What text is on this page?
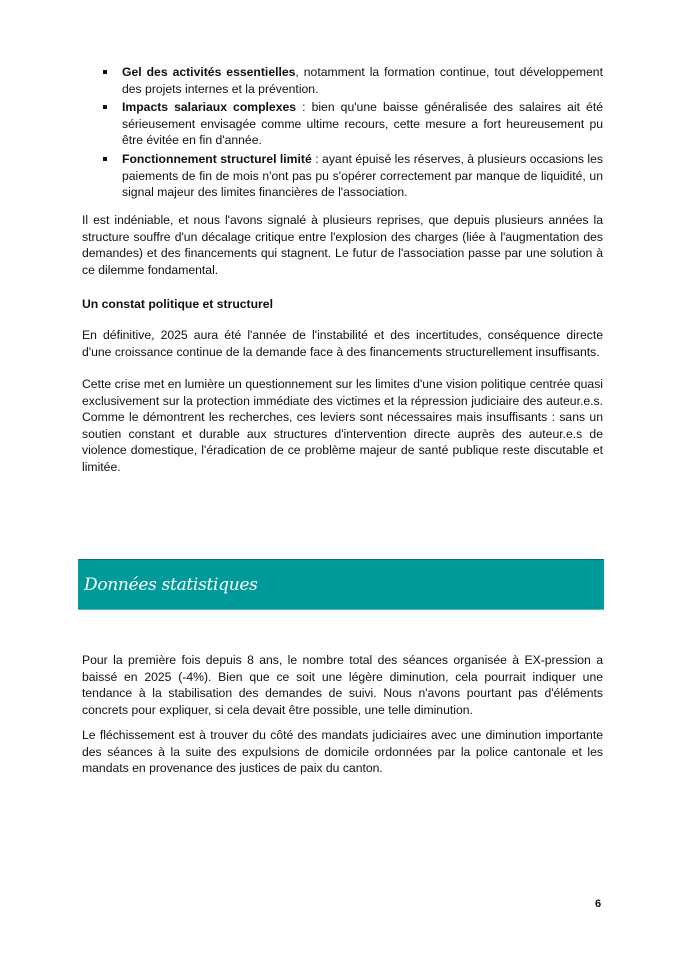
Gel des activités essentielles, notamment la formation continue, tout développement des projets internes et la prévention.
Impacts salariaux complexes : bien qu'une baisse généralisée des salaires ait été sérieusement envisagée comme ultime recours, cette mesure a fort heureusement pu être évitée en fin d'année.
Fonctionnement structurel limité : ayant épuisé les réserves, à plusieurs occasions les paiements de fin de mois n'ont pas pu s'opérer correctement par manque de liquidité, un signal majeur des limites financières de l'association.

Il est indéniable, et nous l'avons signalé à plusieurs reprises, que depuis plusieurs années la structure souffre d'un décalage critique entre l'explosion des charges (liée à l'augmentation des demandes) et des financements qui stagnent. Le futur de l'association passe par une solution à ce dilemme fondamental.

Un constat politique et structurel

En définitive, 2025 aura été l'année de l'instabilité et des incertitudes, conséquence directe d'une croissance continue de la demande face à des financements structurellement insuffisants.

Cette crise met en lumière un questionnement sur les limites d'une vision politique centrée quasi exclusivement sur la protection immédiate des victimes et la répression judiciaire des auteur.e.s. Comme le démontrent les recherches, ces leviers sont nécessaires mais insuffisants : sans un soutien constant et durable aux structures d'intervention directe auprès des auteur.e.s de violence domestique, l'éradication de ce problème majeur de santé publique reste discutable et limitée.

Données statistiques

Pour la première fois depuis 8 ans, le nombre total des séances organisée à EX-pression a baissé en 2025 (-4%). Bien que ce soit une légère diminution, cela pourrait indiquer une tendance à la stabilisation des demandes de suivi. Nous n'avons pourtant pas d'éléments concrets pour expliquer, si cela devait être possible, une telle diminution.

Le fléchissement est à trouver du côté des mandats judiciaires avec une diminution importante des séances à la suite des expulsions de domicile ordonnées par la police cantonale et les mandats en provenance des justices de paix du canton.

6
